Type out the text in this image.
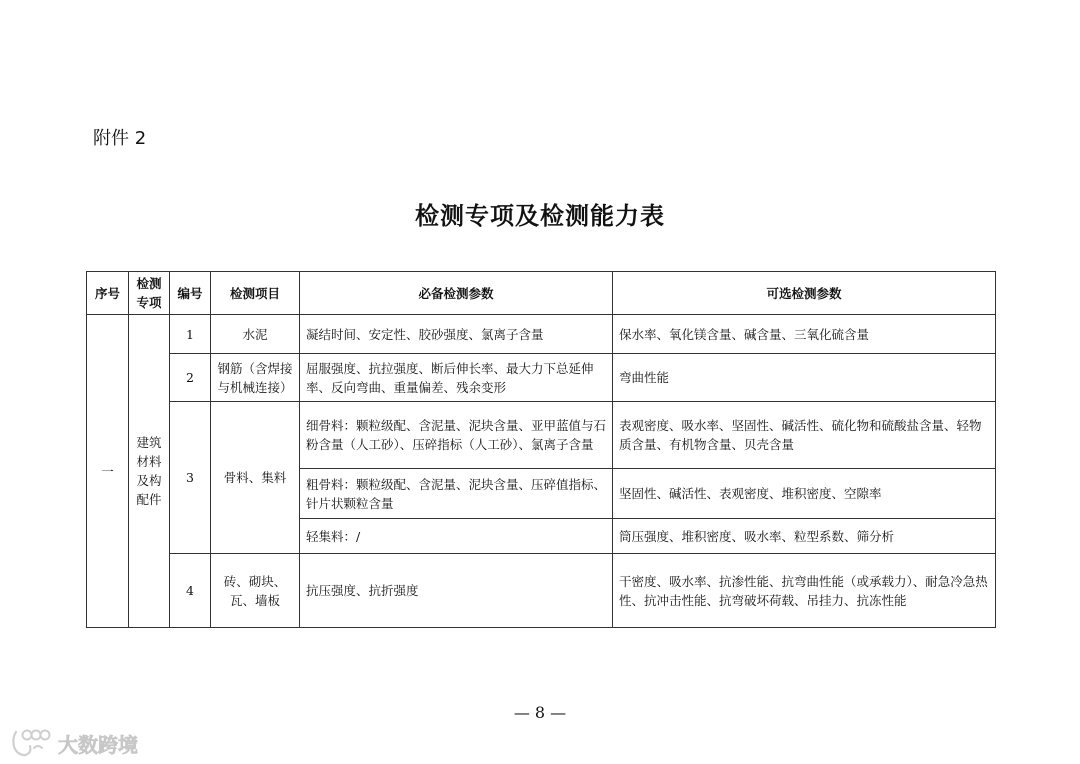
附件 2
检测专项及检测能力表
序号	检测专项	编号	检测项目	必备检测参数	可选检测参数
一	建筑材料及构配件	1	水泥	凝结时间、安定性、胶砂强度、氯离子含量	保水率、氧化镁含量、碱含量、三氧化硫含量
		2	钢筋（含焊接与机械连接）	屈服强度、抗拉强度、断后伸长率、最大力下总延伸率、反向弯曲、重量偏差、残余变形	弯曲性能
		3	骨料、集料	细骨料：颗粒级配、含泥量、泥块含量、亚甲蓝值与石粉含量（人工砂）、压碎指标（人工砂）、氯离子含量	表观密度、吸水率、坚固性、碱活性、硫化物和硫酸盐含量、轻物质含量、有机物含量、贝壳含量
				粗骨料：颗粒级配、含泥量、泥块含量、压碎值指标、针片状颗粒含量	坚固性、碱活性、表观密度、堆积密度、空隙率
				轻集料：/	筒压强度、堆积密度、吸水率、粒型系数、筛分析
		4	砖、砌块、瓦、墙板	抗压强度、抗折强度	干密度、吸水率、抗渗性能、抗弯曲性能（或承载力）、耐急冷急热性、抗冲击性能、抗弯破坏荷载、吊挂力、抗冻性能
— 8 —
大数跨境
